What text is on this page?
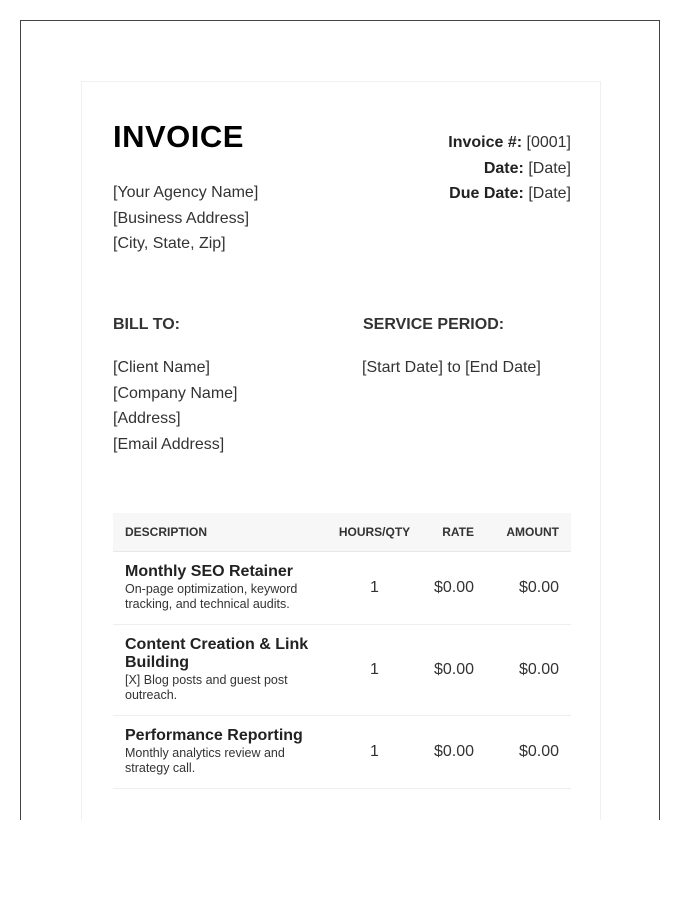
INVOICE	Invoice #: [0001]
Date: [Date]
Due Date: [Date]
[Your Agency Name]
[Business Address]
[City, State, Zip]
BILL TO:	SERVICE PERIOD:
[Client Name]
[Company Name]
[Address]
[Email Address]
[Start Date] to [End Date]
DESCRIPTION	HOURS/QTY	RATE	AMOUNT

Monthly SEO Retainer
On-page optimization, keyword tracking, and technical audits.	1	$0.00	$0.00

Content Creation & Link Building
[X] Blog posts and guest post outreach.	1	$0.00	$0.00

Performance Reporting
Monthly analytics review and strategy call.	1	$0.00	$0.00
